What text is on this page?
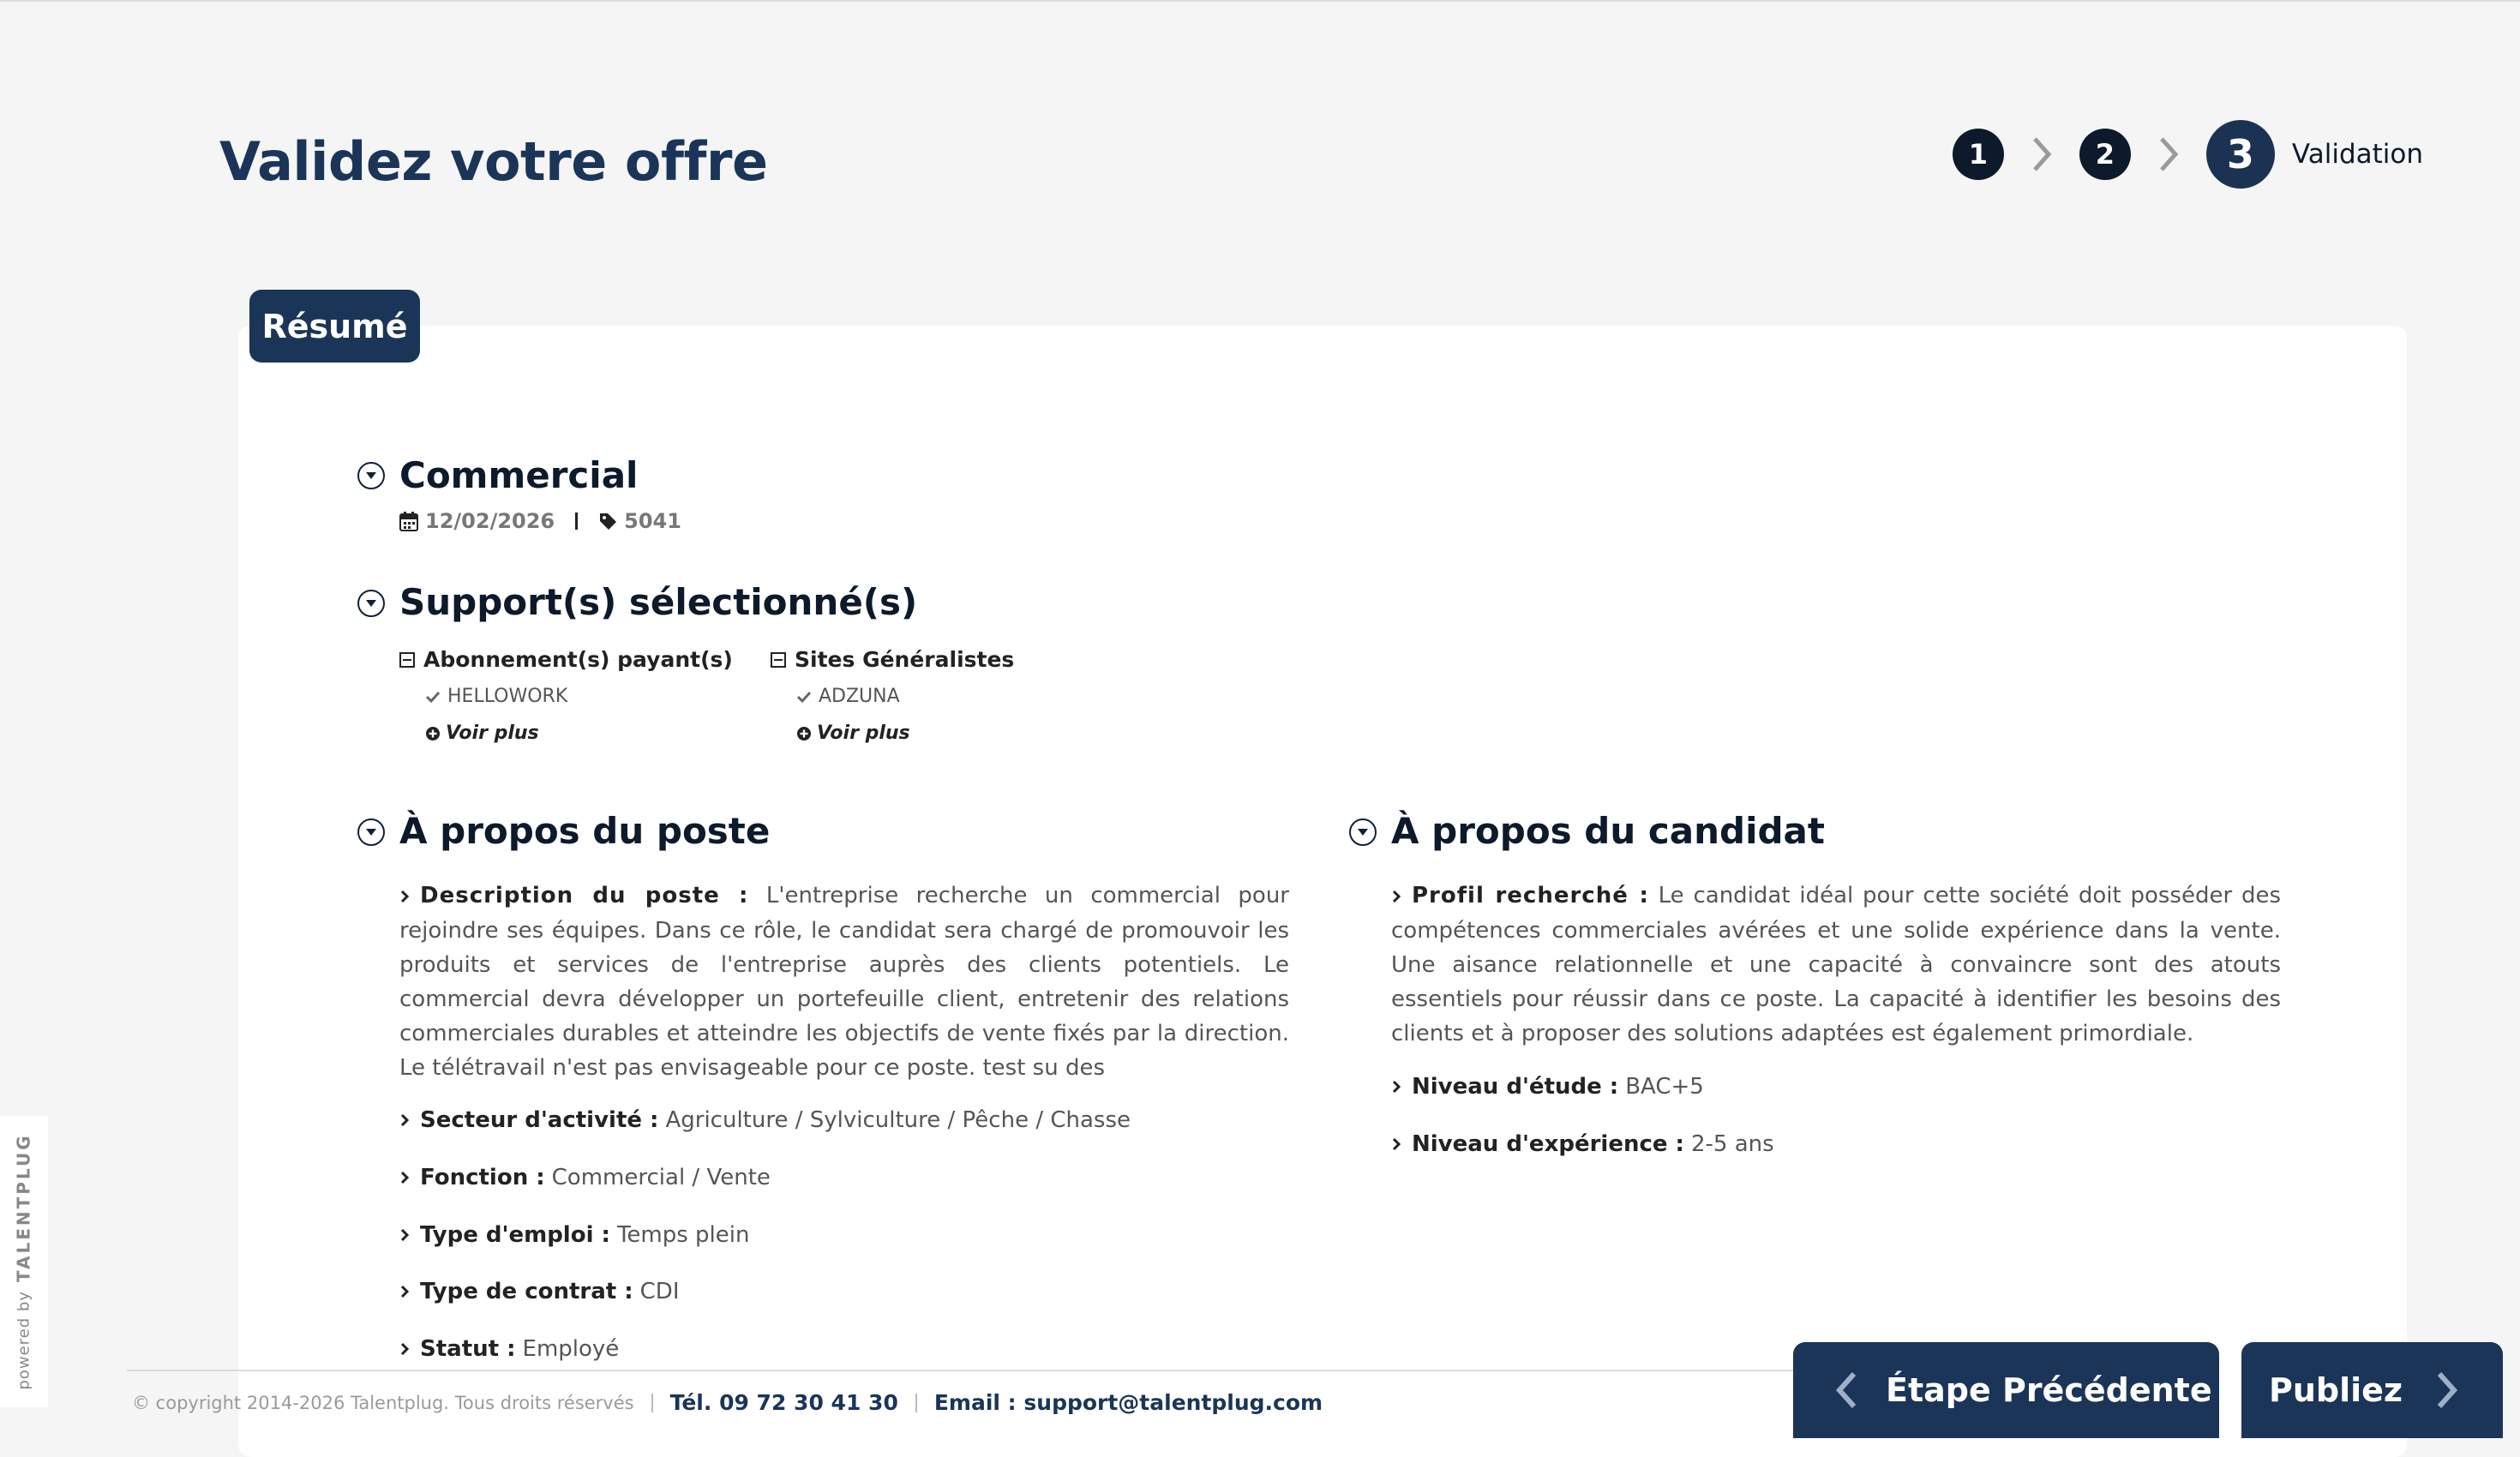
Validez votre offre	1	2	3	Validation
Résumé
Commercial
12/02/2026	5041
Support(s) sélectionné(s)
Abonnement(s) payant(s)
HELLOWORK
Voir plus
Sites Généralistes
ADZUNA
Voir plus
À propos du poste
Description du poste : L'entreprise recherche un commercial pour rejoindre ses équipes. Dans ce rôle, le candidat sera chargé de promouvoir les produits et services de l'entreprise auprès des clients potentiels. Le commercial devra développer un portefeuille client, entretenir des relations commerciales durables et atteindre les objectifs de vente fixés par la direction. Le télétravail n'est pas envisageable pour ce poste. test su des
Secteur d'activité : Agriculture / Sylviculture / Pêche / Chasse
Fonction : Commercial / Vente
Type d'emploi : Temps plein
Type de contrat : CDI
Statut : Employé
À propos du candidat
Profil recherché : Le candidat idéal pour cette société doit posséder des compétences commerciales avérées et une solide expérience dans la vente. Une aisance relationnelle et une capacité à convaincre sont des atouts essentiels pour réussir dans ce poste. La capacité à identifier les besoins des clients et à proposer des solutions adaptées est également primordiale.
Niveau d'étude : BAC+5
Niveau d'expérience : 2-5 ans
powered by
TALENTPLUG
© copyright 2014-2026 Talentplug. Tous droits réservés Tél. 09 72 30 41 30 Email : support@talentplug.com	Étape Précédente Publiez
